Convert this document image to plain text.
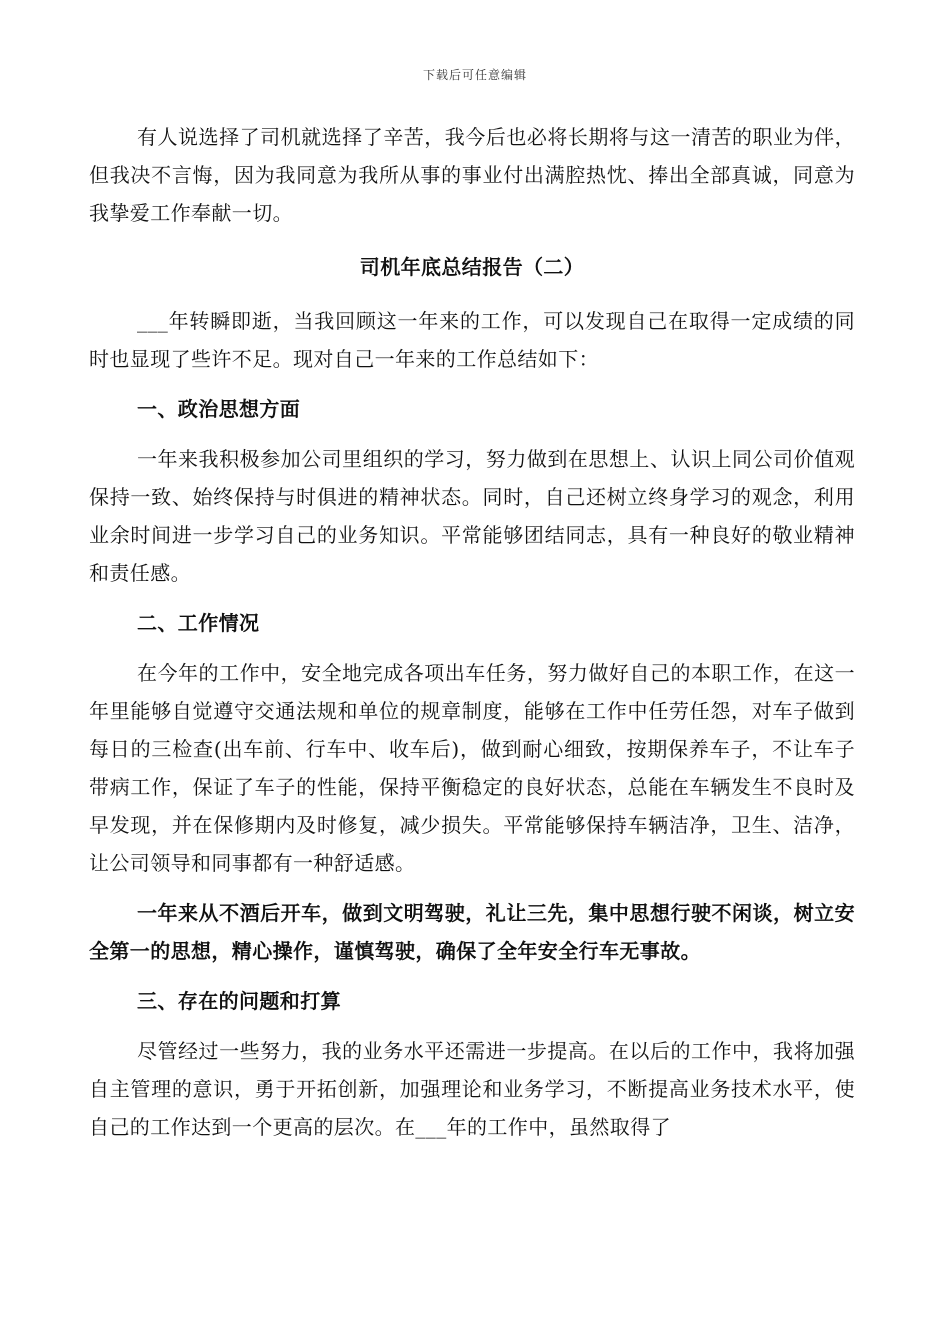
下载后可任意编辑

有人说选择了司机就选择了辛苦，我今后也必将长期将与这一清苦的职业为伴，但我决不言悔，因为我同意为我所从事的事业付出满腔热忱、捧出全部真诚，同意为我挚爱工作奉献一切。

司机年底总结报告（二）

___年转瞬即逝，当我回顾这一年来的工作，可以发现自己在取得一定成绩的同时也显现了些许不足。现对自己一年来的工作总结如下：

一、政治思想方面

一年来我积极参加公司里组织的学习，努力做到在思想上、认识上同公司价值观保持一致、始终保持与时俱进的精神状态。同时，自己还树立终身学习的观念，利用业余时间进一步学习自己的业务知识。平常能够团结同志，具有一种良好的敬业精神和责任感。

二、工作情况

在今年的工作中，安全地完成各项出车任务，努力做好自己的本职工作，在这一年里能够自觉遵守交通法规和单位的规章制度，能够在工作中任劳任怨，对车子做到每日的三检查(出车前、行车中、收车后)，做到耐心细致，按期保养车子，不让车子带病工作，保证了车子的性能，保持平衡稳定的良好状态，总能在车辆发生不良时及早发现，并在保修期内及时修复，减少损失。平常能够保持车辆洁净，卫生、洁净，让公司领导和同事都有一种舒适感。

一年来从不酒后开车，做到文明驾驶，礼让三先，集中思想行驶不闲谈，树立安全第一的思想，精心操作，谨慎驾驶，确保了全年安全行车无事故。

三、存在的问题和打算

尽管经过一些努力，我的业务水平还需进一步提高。在以后的工作中，我将加强自主管理的意识，勇于开拓创新，加强理论和业务学习，不断提高业务技术水平，使自己的工作达到一个更高的层次。在___年的工作中，虽然取得了
